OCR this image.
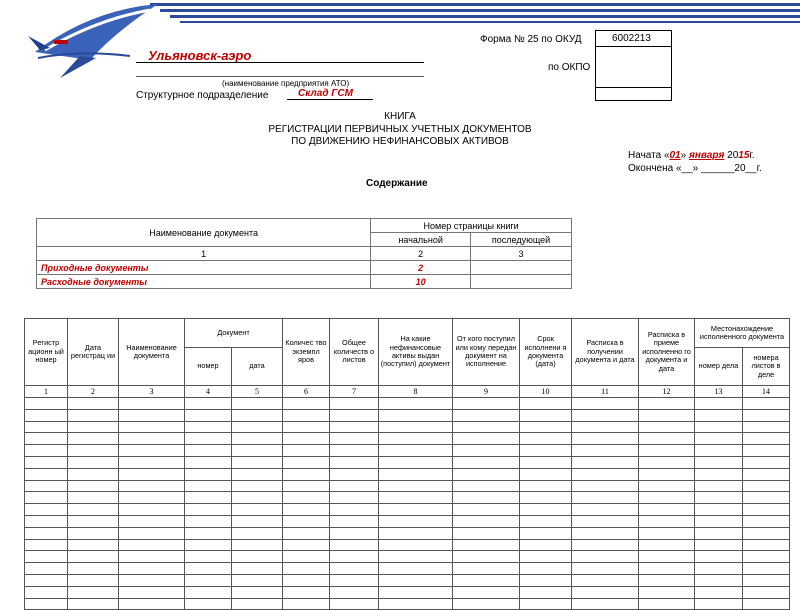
Форма № 25 по ОКУД	6002213
по ОКПО
Ульяновск-аэро
(наименование предприятия АТО)
Структурное подразделение	Склад ГСМ
КНИГА
РЕГИСТРАЦИИ ПЕРВИЧНЫХ УЧЕТНЫХ ДОКУМЕНТОВ
ПО ДВИЖЕНИЮ НЕФИНАНСОВЫХ АКТИВОВ
Начата «01» января 2015г.
Окончена «__» ______20__г.
Содержание
Наименование документа	Номер страницы книги	
	начальной	последующей
1	2	3
Приходные документы	2	
Расходные документы	10	
Регистр ационн ый номер	Дата регистрац ии	Наименование документа	Документ		Количес тво экземпл яров	Общее количеств о листов	На какие нефинансовые активы выдан (поступил) документ	От кого поступил или кому передан документ на исполнение	Срок исполнени я документа (дата)	Расписка в получении документа и дата	Расписка в приеме исполненно го документа и дата	Местонахождение исполненного документа	
			номер	дата								номер дела	номера листов в деле
1	2	3	4	5	6	7	8	9	10	11	12	13	14
